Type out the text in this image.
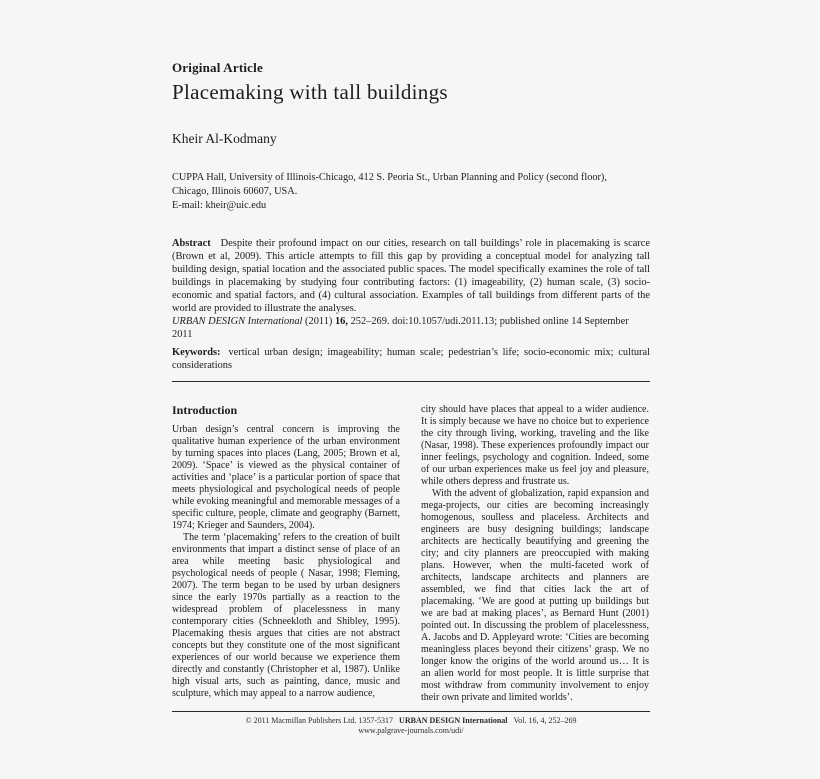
Original Article
Placemaking with tall buildings
Kheir Al-Kodmany
CUPPA Hall, University of Illinois-Chicago, 412 S. Peoria St., Urban Planning and Policy (second floor),
Chicago, Illinois 60607, USA.
E-mail: kheir@uic.edu
Abstract Despite their profound impact on our cities, research on tall buildings’ role in placemaking is scarce (Brown et al, 2009). This article attempts to fill this gap by providing a conceptual model for analyzing tall building design, spatial location and the associated public spaces. The model specifically examines the role of tall buildings in placemaking by studying four contributing factors: (1) imageability, (2) human scale, (3) socio-economic and spatial factors, and (4) cultural association. Examples of tall buildings from different parts of the world are provided to illustrate the analyses.
URBAN DESIGN International (2011) 16, 252–269. doi:10.1057/udi.2011.13; published online 14 September 2011
Keywords: vertical urban design; imageability; human scale; pedestrian’s life; socio-economic mix; cultural considerations
Introduction

Urban design’s central concern is improving the qualitative human experience of the urban environment by turning spaces into places (Lang, 2005; Brown et al, 2009). ‘Space’ is viewed as the physical container of activities and ‘place’ is a particular portion of space that meets physiological and psychological needs of people while evoking meaningful and memorable messages of a specific culture, people, climate and geography (Barnett, 1974; Krieger and Saunders, 2004).

The term ‘placemaking’ refers to the creation of built environments that impart a distinct sense of place of an area while meeting basic physiological and psychological needs of people ( Nasar, 1998; Fleming, 2007). The term began to be used by urban designers since the early 1970s partially as a reaction to the widespread problem of placelessness in many contemporary cities (Schneekloth and Shibley, 1995). Placemaking thesis argues that cities are not abstract concepts but they constitute one of the most significant experiences of our world because we experience them directly and constantly (Christopher et al, 1987). Unlike high visual arts, such as painting, dance, music and sculpture, which may appeal to a narrow audience,

city should have places that appeal to a wider audience. It is simply because we have no choice but to experience the city through living, working, traveling and the like (Nasar, 1998). These experiences profoundly impact our inner feelings, psychology and cognition. Indeed, some of our urban experiences make us feel joy and pleasure, while others depress and frustrate us.

With the advent of globalization, rapid expansion and mega-projects, our cities are becoming increasingly homogenous, soulless and placeless. Architects and engineers are busy designing buildings; landscape architects are hectically beautifying and greening the city; and city planners are preoccupied with making plans. However, when the multi-faceted work of architects, landscape architects and planners are assembled, we find that cities lack the art of placemaking. ‘We are good at putting up buildings but we are bad at making places’, as Bernard Hunt (2001) pointed out. In discussing the problem of placelessness, A. Jacobs and D. Appleyard wrote: ‘Cities are becoming meaningless places beyond their citizens’ grasp. We no longer know the origins of the world around us… It is an alien world for most people. It is little surprise that most withdraw from community involvement to enjoy their own private and limited worlds’.

© 2011 Macmillan Publishers Ltd. 1357-5317 URBAN DESIGN International Vol. 16, 4, 252–269
www.palgrave-journals.com/udi/
